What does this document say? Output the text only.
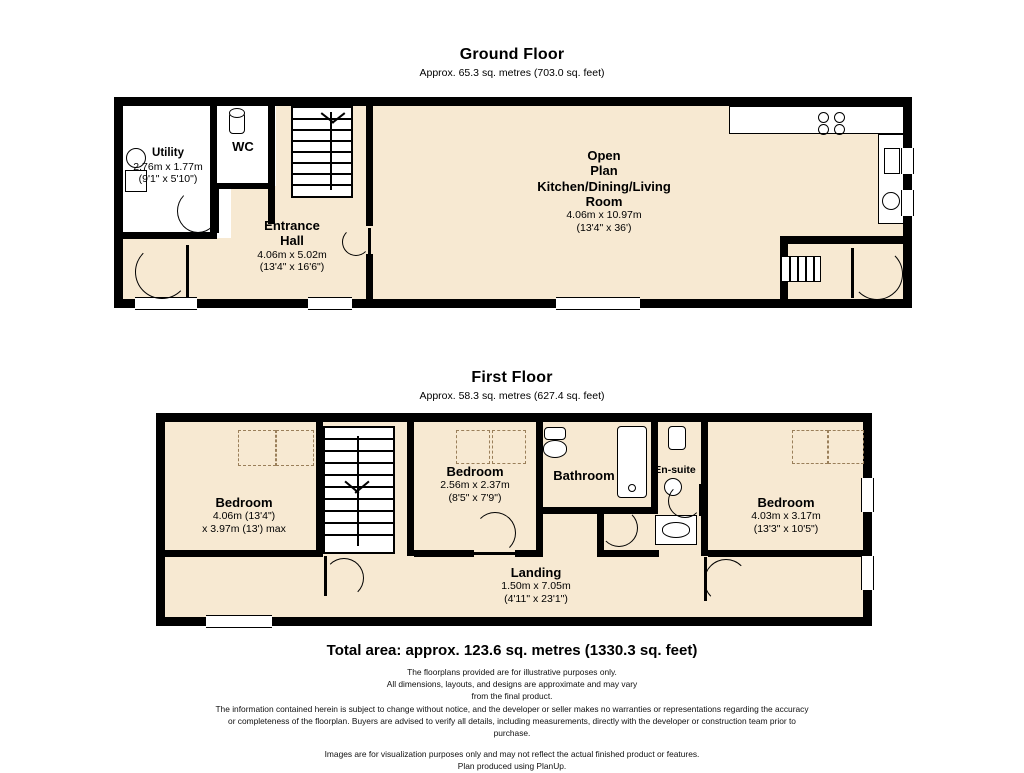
Ground Floor
Approx. 65.3 sq. metres (703.0 sq. feet)
Utility
2.76m x 1.77m
(9'1" x 5'10")
WC
Entrance
Hall
4.06m x 5.02m
(13'4" x 16'6")
Open
Plan
Kitchen/Dining/Living
Room
4.06m x 10.97m
(13'4" x 36')
First Floor
Approx. 58.3 sq. metres (627.4 sq. feet)
Bedroom
4.06m (13'4")
x 3.97m (13') max
Bedroom
2.56m x 2.37m
(8'5" x 7'9")
Bathroom	En-suite
Bedroom
4.03m x 3.17m
(13'3" x 10'5")
Landing
1.50m x 7.05m
(4'11" x 23'1")
Total area: approx. 123.6 sq. metres (1330.3 sq. feet)
The floorplans provided are for illustrative purposes only.
All dimensions, layouts, and designs are approximate and may vary
from the final product.
The information contained herein is subject to change without notice, and the developer or seller makes no warranties or representations regarding the accuracy
or completeness of the floorplan. Buyers are advised to verify all details, including measurements, directly with the developer or construction team prior to
purchase.
Images are for visualization purposes only and may not reflect the actual finished product or features.
Plan produced using PlanUp.
